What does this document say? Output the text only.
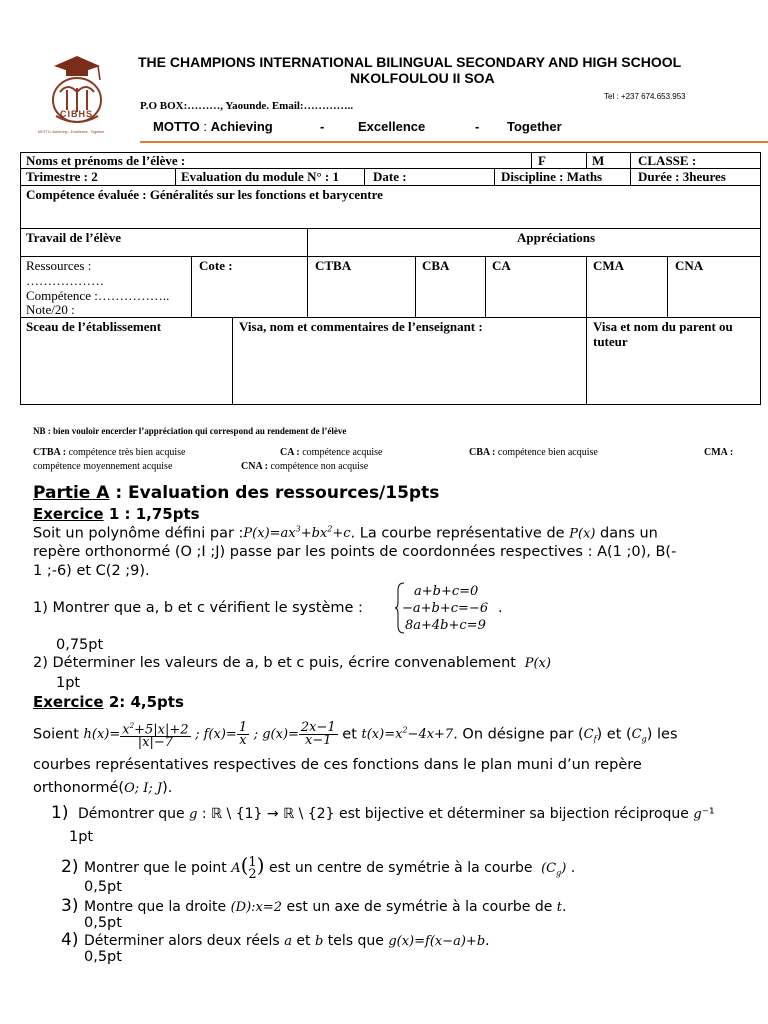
CIBHS
MOTTO: Achieving - Excellence - Together
THE CHAMPIONS INTERNATIONAL BILINGUAL SECONDARY AND HIGH SCHOOL
NKOLFOULOU II SOA
Tel : +237 674.653.953
P.O BOX:………, Yaounde. Email:…………..
MOTTO : Achieving	-	Excellence	- Together
Noms et prénoms de l’élève :	F	M	CLASSE :
Trimestre : 2	Evaluation du module N° : 1	Date :	Discipline : Maths	Durée : 3heures
Compétence évaluée : Généralités sur les fonctions et barycentre
Travail de l’élève	Appréciations
Ressources :
………………
Compétence :……………..
Note/20 :
Cote :	CTBA	CBA	CA	CMA	CNA
Sceau de l’établissement	Visa, nom et commentaires de l’enseignant :	Visa et nom du parent ou
tuteur
NB : bien vouloir encercler l’appréciation qui correspond au rendement de l’élève
CTBA : compétence très bien acquise	CA : compétence acquise	CBA : compétence bien acquise	CMA :
compétence moyennement acquise	CNA : compétence non acquise
Partie A : Evaluation des ressources/15pts
Exercice 1 : 1,75pts
Soit un polynôme défini par $:P(x)=ax^3+bx^2+c$. La courbe représentative de P(x) dans un
repère orthonormé (O ;I ;J) passe par les points de coordonnées respectives : A(1 ;0), B(-
1 ;-6) et C(2 ;9).
1) Montrer que a, b et c vérifient le système :
a+b+c=0
−a+b+c=−6
8a+4b+c=9
.
0,75pt
2) Déterminer les valeurs de a, b et c puis, écrire convenablement  P(x)
1pt
Exercice 2: 4,5pts
Soient $h(x)= \frac{x^2+5|x|+2}{|x|-7}$ ; $f(x)= \frac{1}{x}$ ; $g(x)= \frac{2x-1}{x-1}$ et $t(x)=x^2-4x+7$. On désigne par $(C_f)$ et $(C_g)$ les
courbes représentatives respectives de ces fonctions dans le plan muni d’un repère
orthonormé(O; I; J).
1) Démontrer que g : ℝ \ {1} → ℝ \ {2} est bijective et déterminer sa bijection réciproque g⁻¹
1pt
2) Montrer que le point A( 1
2 ) est un centre de symétrie à la courbe  $(C_g)$ .
0,5pt
3) Montre que la droite (D):x=2 est un axe de symétrie à la courbe de t.
0,5pt
4) Déterminer alors deux réels a et b tels que g(x)=f(x−a)+b.
0,5pt
